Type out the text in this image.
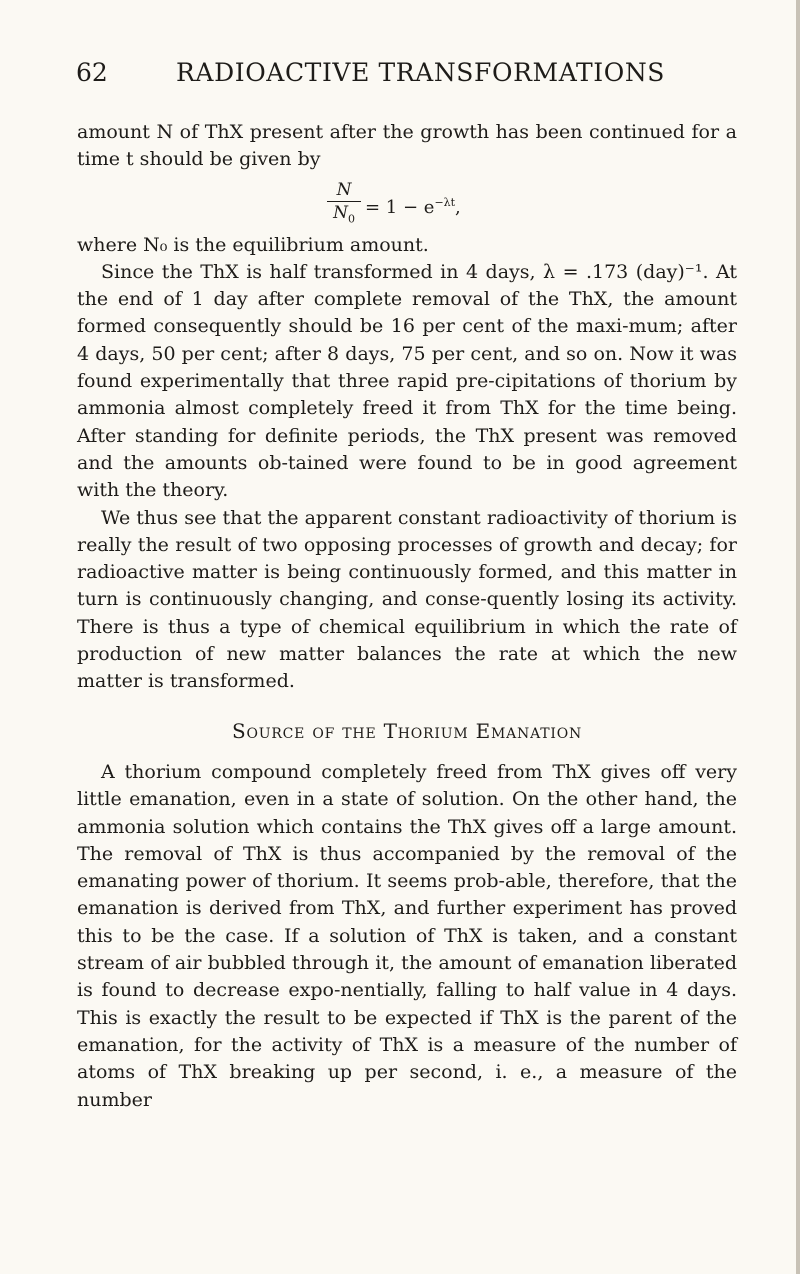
62	RADIOACTIVE TRANSFORMATIONS

amount N of ThX present after the growth has been continued for a time t should be given by

N
$N_0$
= $1 - e^{-\lambda t}$,

where N₀ is the equilibrium amount.

Since the ThX is half transformed in 4 days, λ = .173 (day)⁻¹. At the end of 1 day after complete removal of the ThX, the amount formed consequently should be 16 per cent of the maxi-mum; after 4 days, 50 per cent; after 8 days, 75 per cent, and so on. Now it was found experimentally that three rapid pre-cipitations of thorium by ammonia almost completely freed it from ThX for the time being. After standing for definite periods, the ThX present was removed and the amounts ob-tained were found to be in good agreement with the theory.

We thus see that the apparent constant radioactivity of thorium is really the result of two opposing processes of growth and decay; for radioactive matter is being continuously formed, and this matter in turn is continuously changing, and conse-quently losing its activity. There is thus a type of chemical equilibrium in which the rate of production of new matter balances the rate at which the new matter is transformed.

Source of the Thorium Emanation

A thorium compound completely freed from ThX gives off very little emanation, even in a state of solution. On the other hand, the ammonia solution which contains the ThX gives off a large amount. The removal of ThX is thus accompanied by the removal of the emanating power of thorium. It seems prob-able, therefore, that the emanation is derived from ThX, and further experiment has proved this to be the case. If a solution of ThX is taken, and a constant stream of air bubbled through it, the amount of emanation liberated is found to decrease expo-nentially, falling to half value in 4 days. This is exactly the result to be expected if ThX is the parent of the emanation, for the activity of ThX is a measure of the number of atoms of ThX breaking up per second, i. e., a measure of the number
